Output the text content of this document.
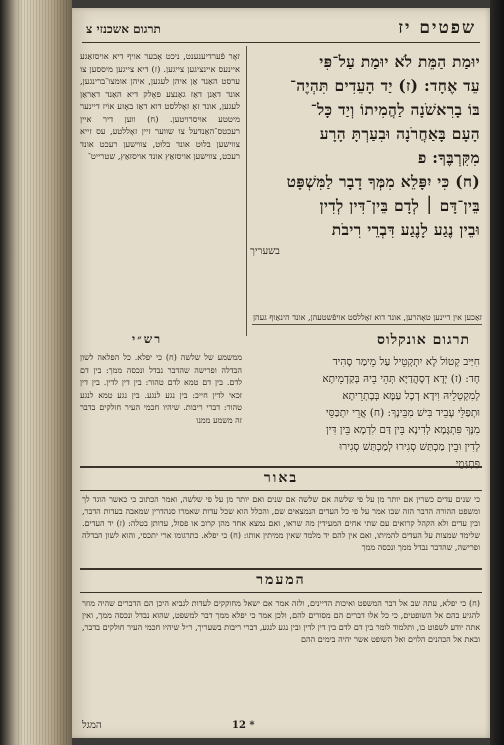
שפטים יז
תרגום אשכנזי צ

יוּמַת הַמֵּת לֹא יוּמַת עַל־פִּי
עֵד אֶחָד: (ז) יַד הָעֵדִים תִּהְיֶה־
בּוֹ בָרִאשֹׁנָה לַהֲמִיתוֹ וְיַד כָּל־
הָעָם בָּאַחֲרֹנָה וּבִעַרְתָּ הָרָע
מִקִּרְבֶּךָ: פ
(ח) כִּי יִפָּלֵא מִמְּךָ דָבָר לַמִּשְׁפָּט
בֵּין־דָּם ׀ לְדָם בֵּין־דִּין לְדִין
וּבֵין נֶגַע לָנֶגַע דִּבְרֵי רִיבֹת

בשעריך
זאָר פֿערדיענענט, ניכט אָבער אויף דיא אויסזאַגע איינעס איינציגען צייגען. (ז) דיא צייגען מיססען צו ערסט האַנד אַן איהן לעגען, איהן אומצו־ברינגען, אונד דאַנן דאַז גאַנצע פאָלק דיא האַנד דאַראַן לעגען, אונד זאָ זאָללסט דוא דאַז באָזע אוֹיז דיינער מיטטע אוּיסרויטען. (ח) ווען דיר איין רעכטס־האַנדעל צו שווער זיין זאָללטע, עס זייא צווישען בלוּט אונד בלוּט, צווישען רעכט אונד רעכט, צווישען אויסזאַץ אונד אויסזאַץ, שטרייט־
זאַכען אין דיינען טאָהרען, אונד דוא זאָללסט אויפֿשטעהן, אונד הינאַוף געהן
תרגום אונקלוס
חִיַּיב קְטוֹל לָא יִתְקְטֵיל עַל מֵימַר סָהִיד
חָד: (ז) יְדָא דְסָהֲדַיָּא תְּהֵי בֵיהּ בְּקַדְמֵיתָא
לְמִקְטְלֵיהּ וִידָא דְכָל עַמָּא בְּבָתְרֵיתָא
וּתְפַלֵּי עָבֵיד בִּישׁ מִבֵּינָךְ: (ח) אֲרֵי יִתְכַּסֵּי
מִנָּךְ פִּתְגָּמָא לְדִינָא בֵּין דַּם לִדְמָא בֵּין דִּין
לְדִין וּבֵין מַכְתַּשׁ סְגִירוּ לְמַכְתַּשׁ סְגִירוּ
פִּתְגָּמֵי
רש״י
ממשמע של שלשה (ח) כי יפלא. כל הפלאה לשון הבדלה ופרישה שהדבר נבדל ונכסה ממך: בין דם לדם. בין דם טמא לדם טהור: בין דין לדין. בין דין זכאי לדין חייב: בין נגע לנגע. בין נגע טמא לנגע טהור: דברי ריבות. שיהיו חכמי העיר חולקים בדבר זה משמע ממנו
באור
כי שנים עדים כשרין אם יותר מן על פי שלשה אם שלשה אם שנים ואם יותר מן על פי שלשה, ואמר הכתוב כי כאשר הוגד לך ומשפט ההורה הדבר הזה שבו אמר על פי כל העדים הנמצאים שם, והכלל הוא שכל עדות שאמרו סנהדרין שמאבה בעדות הדבר, ובין עדים ולא הקהל קרואים עם שתי אחים המעידין מה שראו, ואם נמצא אחד מהן קרוב או פסול, עדותן בטלה: (ז) יד העדים. שלימד שמצות על העדים להמיתו, ואם אין להם יד מלמד שאין ממיתין אותו: (ח) כי יפלא. כתרגומו ארי יתכסי, והוא לשון הבדלה ופרישה, שהדבר נבדל ממך ונכסה ממך
המעמר
(ח) כי יפלא, עתה שב אל דבר המשפט ואיכות הדיינים, ולזה אמר אם ישאל מחוקקים לעדות לנביא היכן הם הדברים שהיה מוזר להגיע בהם אל השופטים, כי כל אלו דברים הם מסורים להם, ולכן אמר כי יפלא ממך דבר למשפט, שהוא נבדל ונכסה ממך, ואין אתה יודע לשפוט בו, ותלמוד לומר בין דם לדם בין דין לדין ובין נגע לנגע, דברי ריבות בשעריך, ר״ל שיהיו חכמי העיר חולקים בדבר, ובאת אל הכהנים הלוים ואל השופט אשר יהיה בימים ההם
* 12
המגל
